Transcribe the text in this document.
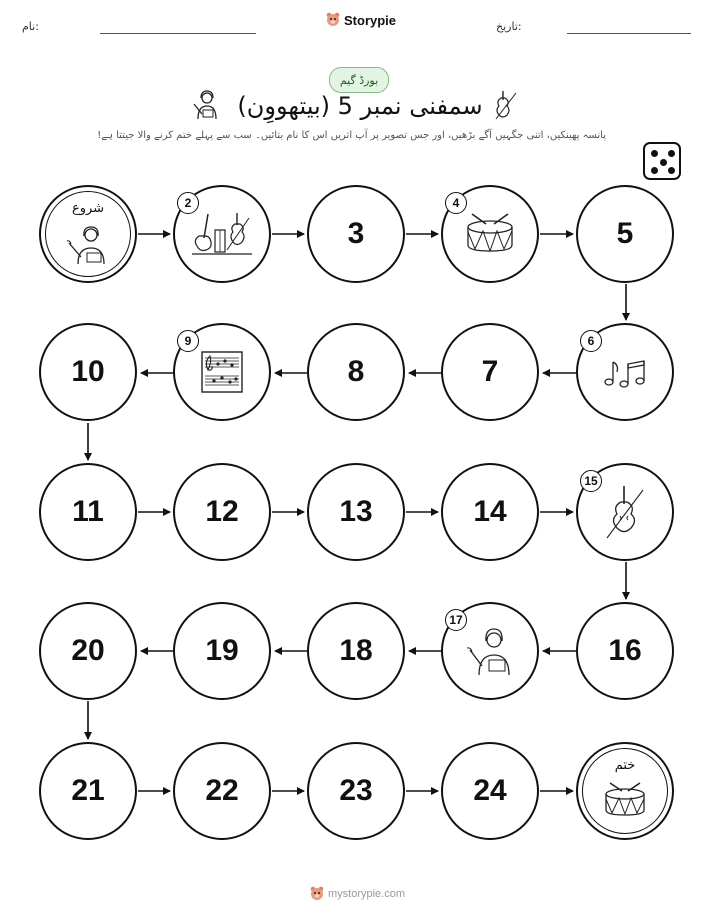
نام:	Storypie	تاریخ:
بورڈ گیم
سمفنی نمبر 5 (بیتھووِن)
پانسہ پھینکیں، اتنی جگہیں آگے بڑھیں، اور جس تصویر پر آپ اتریں اس کا نام بتائیں۔ سب سے پہلے ختم کرنے والا جیتتا ہے!
شروع	2
3
4
5
6
7
8
9
10
11	12	13	14
15
16
17
18
19
20
21	22	23	24
ختم
mystorypie.com
